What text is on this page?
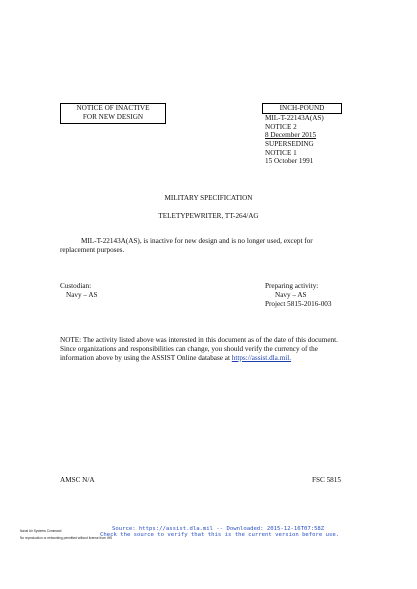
NOTICE OF INACTIVE
FOR NEW DESIGN
INCH-POUND
MIL-T-22143A(AS)
NOTICE 2
8 December 2015
SUPERSEDING
NOTICE 1
15 October 1991
MILITARY SPECIFICATION
TELETYPEWRITER, TT-264/AG
MIL-T-22143A(AS), is inactive for new design and is no longer used, except for
replacement purposes.
Custodian:
Navy – AS
Preparing activity:
Navy – AS
Project 5815-2016-003
NOTE: The activity listed above was interested in this document as of the date of this document.
Since organizations and responsibilities can change, you should verify the currency of the
information above by using the ASSIST Online database at https://assist.dla.mil.
AMSC N/A	FSC 5815
Naval Air Systems Command
No reproduction or networking permitted without license from IHS
Source: https://assist.dla.mil -- Downloaded: 2015-12-16T07:58Z
Check the source to verify that this is the current version before use.
